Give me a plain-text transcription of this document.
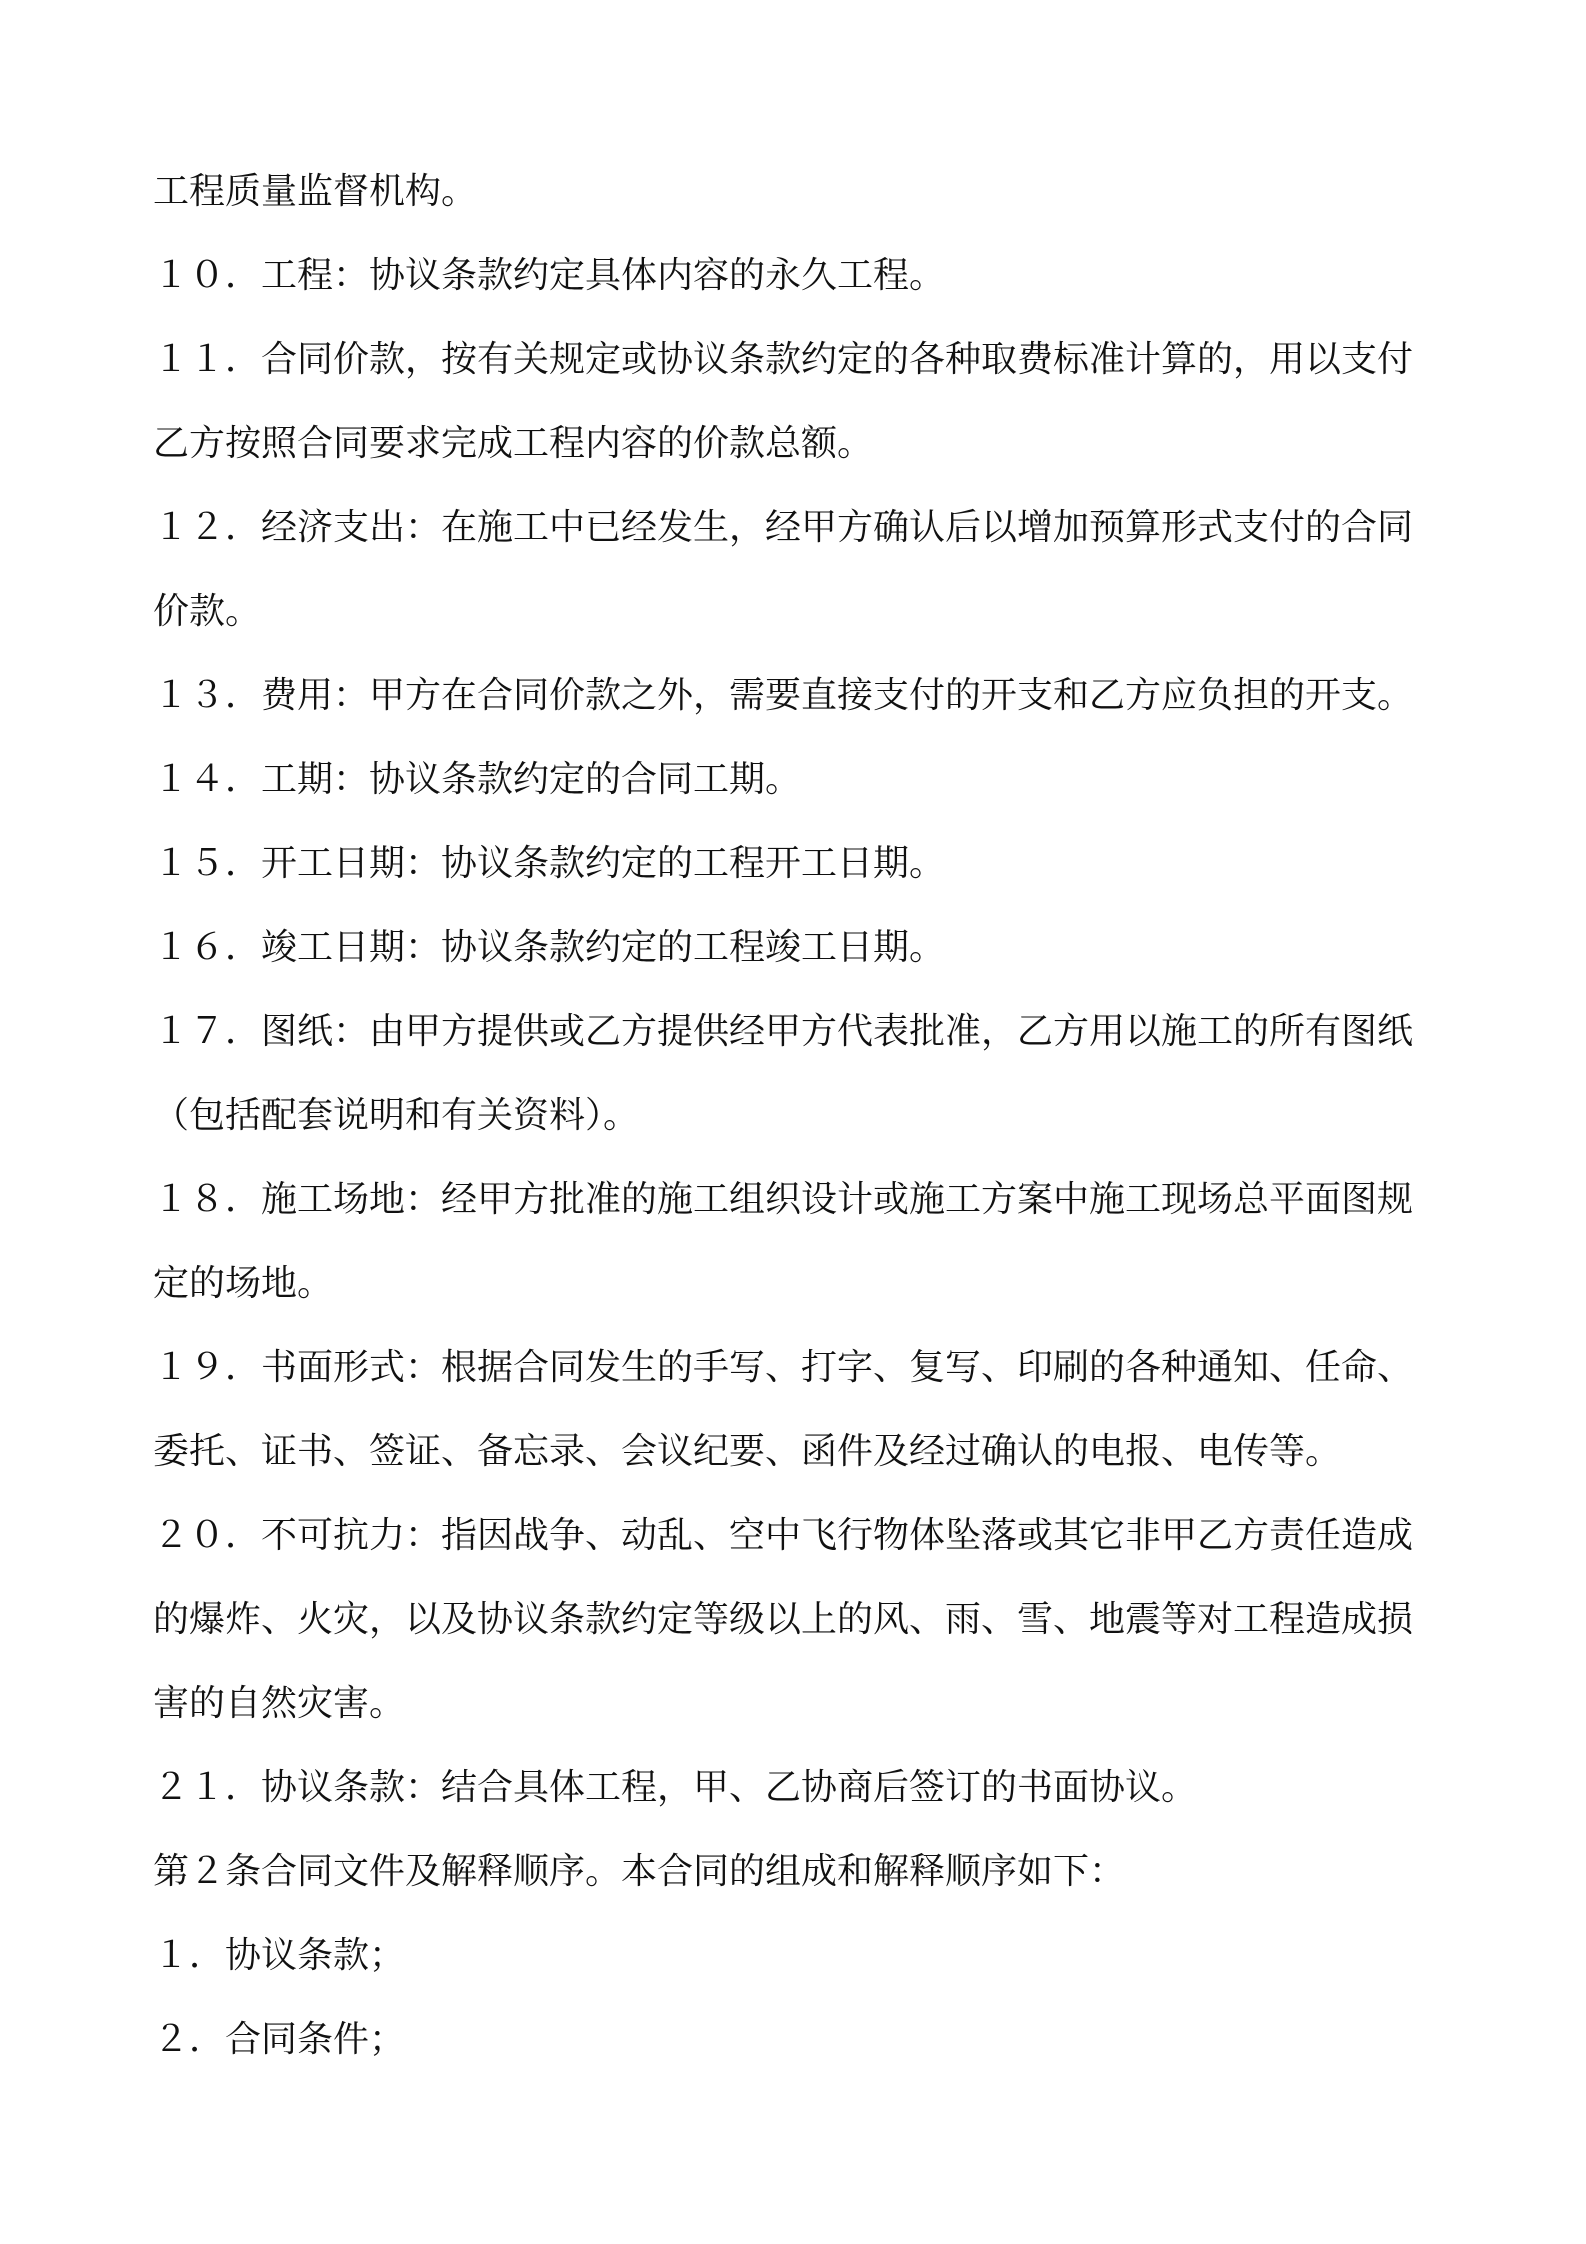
工程质量监督机构。

１０．工程：协议条款约定具体内容的永久工程。

１１．合同价款，按有关规定或协议条款约定的各种取费标准计算的，用以支付乙方按照合同要求完成工程内容的价款总额。

１２．经济支出：在施工中已经发生，经甲方确认后以增加预算形式支付的合同价款。

１３．费用：甲方在合同价款之外，需要直接支付的开支和乙方应负担的开支。

１４．工期：协议条款约定的合同工期。

１５．开工日期：协议条款约定的工程开工日期。

１６．竣工日期：协议条款约定的工程竣工日期。

１７．图纸：由甲方提供或乙方提供经甲方代表批准，乙方用以施工的所有图纸（包括配套说明和有关资料）。

１８．施工场地：经甲方批准的施工组织设计或施工方案中施工现场总平面图规定的场地。

１９．书面形式：根据合同发生的手写、打字、复写、印刷的各种通知、任命、委托、证书、签证、备忘录、会议纪要、函件及经过确认的电报、电传等。

２０．不可抗力：指因战争、动乱、空中飞行物体坠落或其它非甲乙方责任造成的爆炸、火灾，以及协议条款约定等级以上的风、雨、雪、地震等对工程造成损害的自然灾害。

２１．协议条款：结合具体工程，甲、乙协商后签订的书面协议。

第２条合同文件及解释顺序。本合同的组成和解释顺序如下：

１．协议条款；

２．合同条件；
